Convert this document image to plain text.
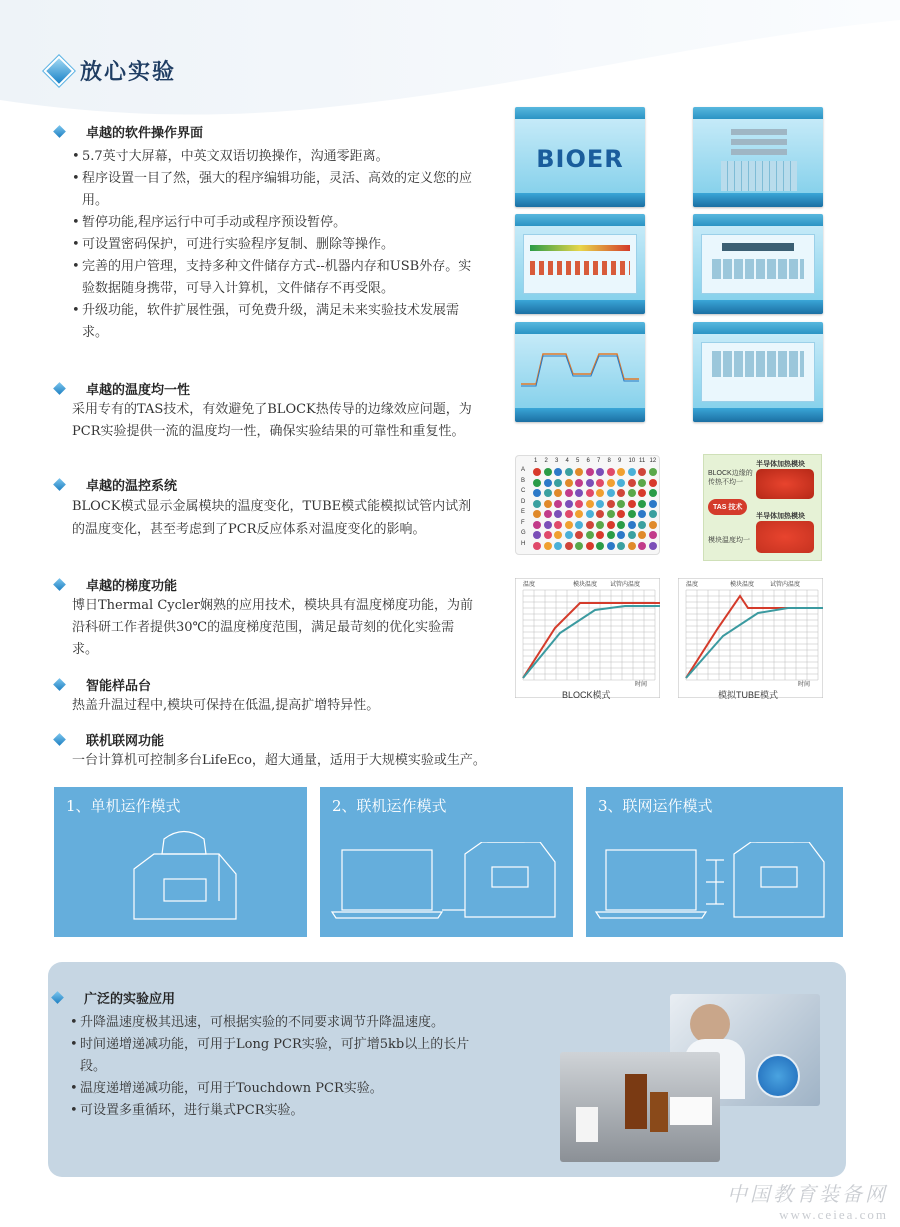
放心实验
卓越的软件操作界面
• 5.7英寸大屏幕，中英文双语切换操作，沟通零距离。
• 程序设置一目了然，强大的程序编辑功能，灵活、高效的定义您的应用。
• 暂停功能,程序运行中可手动或程序预设暂停。
• 可设置密码保护，可进行实验程序复制、删除等操作。
• 完善的用户管理，支持多种文件储存方式--机器内存和USB外存。实验数据随身携带，可导入计算机，文件储存不再受限。
• 升级功能，软件扩展性强，可免费升级，满足未来实验技术发展需求。
卓越的温度均一性
采用专有的TAS技术，有效避免了BLOCK热传导的边缘效应问题，为PCR实验提供一流的温度均一性，确保实验结果的可靠性和重复性。
卓越的温控系统
BLOCK模式显示金属模块的温度变化，TUBE模式能模拟试管内试剂的温度变化，甚至考虑到了PCR反应体系对温度变化的影响。
卓越的梯度功能
博日Thermal Cycler娴熟的应用技术，模块具有温度梯度功能，为前沿科研工作者提供30℃的温度梯度范围，满足最苛刻的优化实验需求。
智能样品台
热盖升温过程中,模块可保持在低温,提高扩增特异性。
联机联网功能
一台计算机可控制多台LifeEco，超大通量，适用于大规模实验或生产。
BIOER
1 2 3 4 5 6 7 8 9 10 11 12
A
B
C
D
E
F
G
H
半导体加热模块
BLOCK边缘的传热不均一
TAS 技术
半导体加热模块
模块温度均一
温度
时间
模块温度 试管内温度
BLOCK模式
温度
时间
模块温度	试管内温度
模拟TUBE模式
1、单机运作模式	2、联机运作模式	3、联网运作模式
广泛的实验应用
• 升降温速度极其迅速，可根据实验的不同要求调节升降温速度。
• 时间递增递减功能，可用于Long PCR实验，可扩增5kb以上的长片段。
• 温度递增递减功能，可用于Touchdown PCR实验。
• 可设置多重循环，进行巢式PCR实验。
中国教育装备网
www.ceiea.com
